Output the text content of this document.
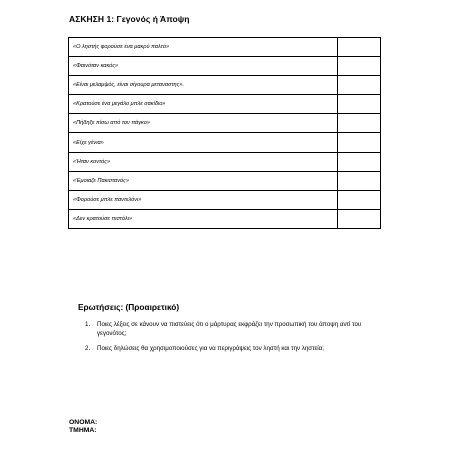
ΑΣΚΗΣΗ 1: Γεγονός ή Άποψη
«Ο ληστής φορούσε ένα μακρύ παλτό»	
«Φαινόταν κακός»	
«Είναι μελαμψός, είναι σίγουρα μεταναστης».	
«Κρατούσε ένα μεγάλο μπλε σακίδιο»	
«Πήδηξε πίσω από τον πάγκο»	
«Είχε γένια»	
«Ήταν κοντός»	
«Έμοιαζε Πακιστανός»	
«Φορούσε μπλε παντελόνι»	
«Δεν κρατούσε πιστόλι»	
Ερωτήσεις: (Προαιρετικό)
1. Ποιες λέξεις σε κάνουν να πιστεύεις ότι ο μάρτυρας εκφράζει την προσωπική του άποψη αντί του γεγονότος;
2. Ποιες δηλώσεις θα χρησιμοποιούσες για να περιγράψεις τον ληστή και την ληστεία;
ΟΝΟΜΑ:
ΤΜΗΜΑ:
